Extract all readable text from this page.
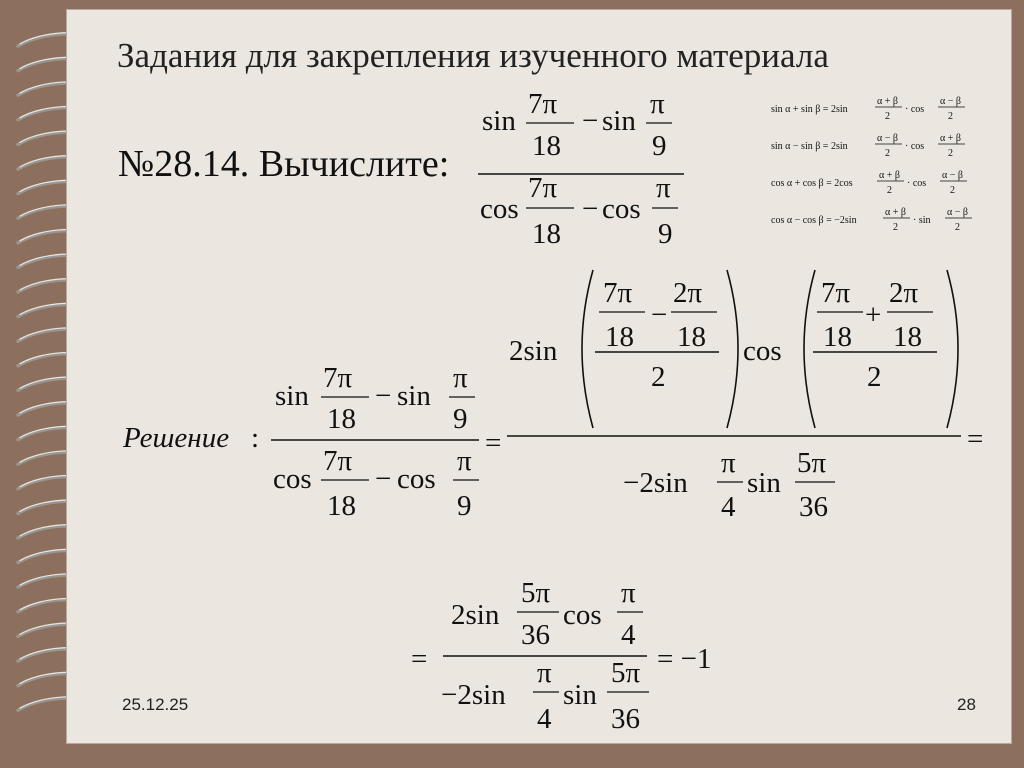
Задания для закрепления изученного материала
№28.14. Вычислите:
sin
7π
18
− sin
π
9
cos
7π
18
− cos
π
9
sin α + sin β = 2sin
α + β
2
· cos
α − β
2
sin α − sin β = 2sin
α − β
2
· cos
α + β
2
cos α + cos β = 2cos
α + β
2
· cos
α − β
2
cos α − cos β = −2sin
α + β
2
· sin
α − β
2
Решение :
sin
7π
18
− sin
π
9
cos
7π
18
− cos
π
9
=
2sin
7π
18
−
2π
18
2
cos
7π
18
+
2π
18
2
−2sin
π
4
sin
5π
36
=
=
2sin
5π
36
cos
π
4
−2sin
π
4
sin
5π
36
= −1
25.12.25	28
